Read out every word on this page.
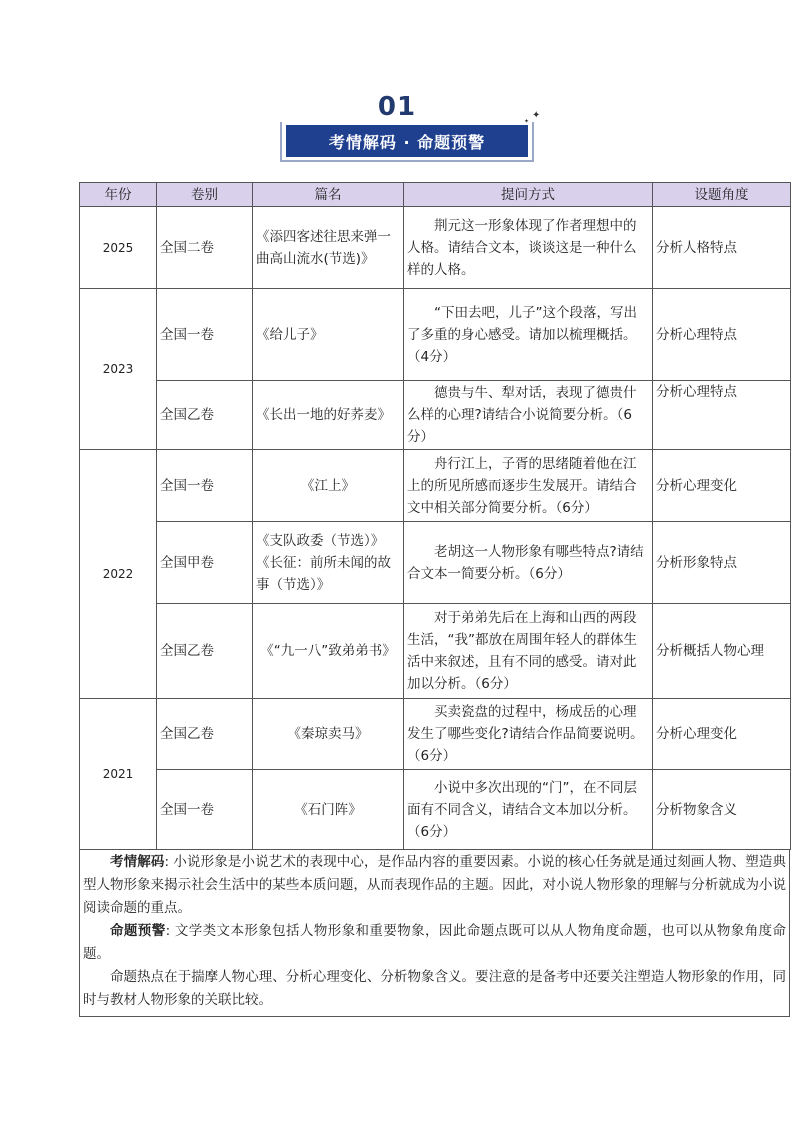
01
考情解码 · 命题预警
✦
✦
年份	卷别	篇名	提问方式	设题角度
2025	全国二卷	《添四客述往思来弹一曲高山流水(节选)》	荆元这一形象体现了作者理想中的人格。请结合文本，谈谈这是一种什么样的人格。	分析人格特点
2023	全国一卷	《给儿子》	“下田去吧，儿子”这个段落，写出了多重的身心感受。请加以梳理概括。（4分）	分析心理特点
	全国乙卷	《长出一地的好荞麦》	德贵与牛、犁对话，表现了德贵什么样的心理?请结合小说简要分析。（6分）	分析心理特点
2022	全国一卷	《江上》	舟行江上，子胥的思绪随着他在江上的所见所感而逐步生发展开。请结合文中相关部分简要分析。（6分）	分析心理变化
	全国甲卷	《支队政委（节选）》《长征：前所未闻的故事（节选）》	老胡这一人物形象有哪些特点?请结合文本一简要分析。（6分）	分析形象特点
	全国乙卷	《“九一八”致弟弟书》	对于弟弟先后在上海和山西的两段生活，“我”都放在周围年轻人的群体生活中来叙述，且有不同的感受。请对此加以分析。（6分）	分析概括人物心理
2021	全国乙卷	《秦琼卖马》	买卖瓷盘的过程中，杨成岳的心理发生了哪些变化?请结合作品简要说明。（6分）	分析心理变化
	全国一卷	《石门阵》	小说中多次出现的“门”，在不同层面有不同含义，请结合文本加以分析。（6分）	分析物象含义

考情解码: 小说形象是小说艺术的表现中心，是作品内容的重要因素。小说的核心任务就是通过刻画人物、塑造典型人物形象来揭示社会生活中的某些本质问题，从而表现作品的主题。因此，对小说人物形象的理解与分析就成为小说阅读命题的重点。

命题预警: 文学类文本形象包括人物形象和重要物象，因此命题点既可以从人物角度命题，也可以从物象角度命题。

命题热点在于揣摩人物心理、分析心理变化、分析物象含义。要注意的是备考中还要关注塑造人物形象的作用，同时与教材人物形象的关联比较。
